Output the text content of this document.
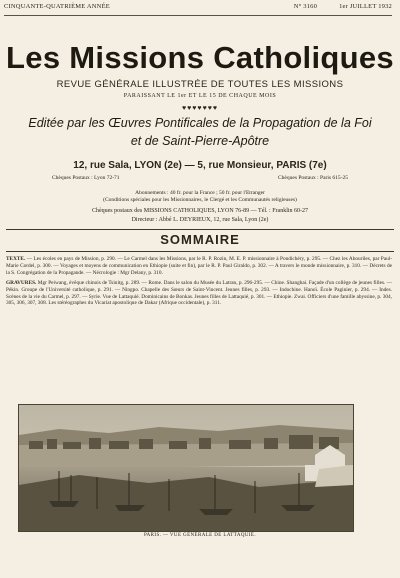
CINQUANTE-QUATRIÈME ANNÉE	N° 3160	1er JUILLET 1932
Les Missions Catholiques
REVUE GÉNÉRALE ILLUSTRÉE DE TOUTES LES MISSIONS
PARAISSANT LE 1er ET LE 15 DE CHAQUE MOIS
♥♥♥♥♥♥♥
Editée par les Œuvres Pontificales de la Propagation de la Foi
et de Saint-Pierre-Apôtre
12, rue Sala, LYON (2e) — 5, rue Monsieur, PARIS (7e)
Chèques Postaux : Lyon 72-71	Chèques Postaux : Paris 615-25
Abonnements : 40 fr. pour la France ; 50 fr. pour l'Etranger
(Conditions spéciales pour les Missionnaires, le Clergé et les Communautés religieuses)
Chèques postaux des MISSIONS CATHOLIQUES, LYON 76-89 — Tél. : Franklin 60-27
Directeur : Abbé L. DEYRIEUX, 12, rue Sala, Lyon (2e)
SOMMAIRE

TEXTE. — Les écoles en pays de Mission, p. 290. — Le Carmel dans les Missions, par le R. P. Rozin, M. E. P. missionnaire à Pondichéry, p. 295. — Chez les Abouriles, par Paul-Marie Cordel, p. 300. — Voyages et moyens de communication en Ethiopie (suite et fin), par le R. P. Paul Giraldo, p. 302. — A travers le monde missionnaire, p. 310. — Décrets de la S. Congrégation de la Propagande. — Nécrologie : Mgr Delany, p. 310.

GRAVURES. Mgr Peiwang, évêque chinois de Tsinitg, p. 289. — Rome. Dans le salon du Musée du Latran, p. 296-295. — Chine. Shanghai. Façade d'un collège de jeunes filles. — Pékin. Groupe de l'Université catholique, p. 291. — Ningpo. Chapelle des Sœurs de Saint-Vincent. Jeunes filles, p. 293. — Indochine. Hanoï. École Paginier, p. 294. — Indes. Scènes de la vie du Carmel, p. 297. — Syrie. Vue de Lattaquié. Dominicains de Bonkas. Jeunes filles de Lattaquié, p. 301. — Ethiopie. Zwai. Officiers d'une famille abyssine, p. 304, 305, 306, 307, 308. Les stéréographes du Vicariat apostolique de Dakar (Afrique occidentale), p. 311.

PARIS. — VUE GÉNÉRALE DE LATTAQUIÉ.
